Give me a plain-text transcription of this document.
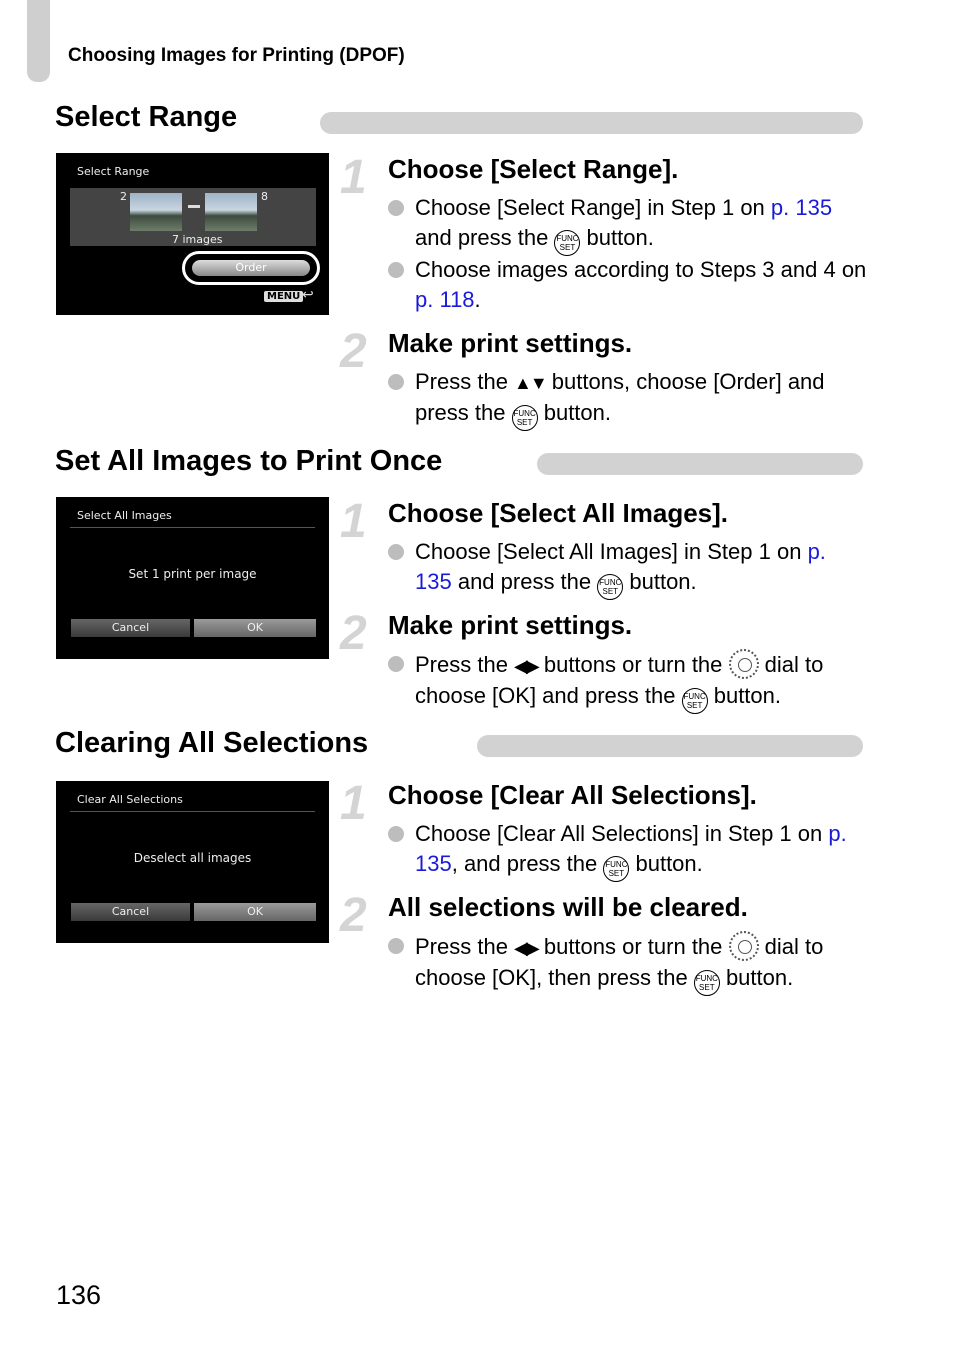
Choosing Images for Printing (DPOF)
Select Range
Select Range
2	8
7 images
Order
MENU ↩
1 Choose [Select Range].
Choose [Select Range] in Step 1 on p. 135 and press the FUNC
SET button.
Choose images according to Steps 3 and 4 on p. 118.
2 Make print settings.
Press the ▲▼ buttons, choose [Order] and press the FUNC
SET button.
Set All Images to Print Once
Select All Images
Set 1 print per image
Cancel	OK
1 Choose [Select All Images].
Choose [Select All Images] in Step 1 on p. 135 and press the FUNC
SET button.
2 Make print settings.
Press the ◀▶ buttons or turn the  dial to choose [OK] and press the FUNC
SET button.
Clearing All Selections
Clear All Selections
Deselect all images
Cancel	OK
1 Choose [Clear All Selections].
Choose [Clear All Selections] in Step 1 on p. 135, and press the FUNC
SET button.
2 All selections will be cleared.
Press the ◀▶ buttons or turn the  dial to choose [OK], then press the FUNC
SET button.
136
